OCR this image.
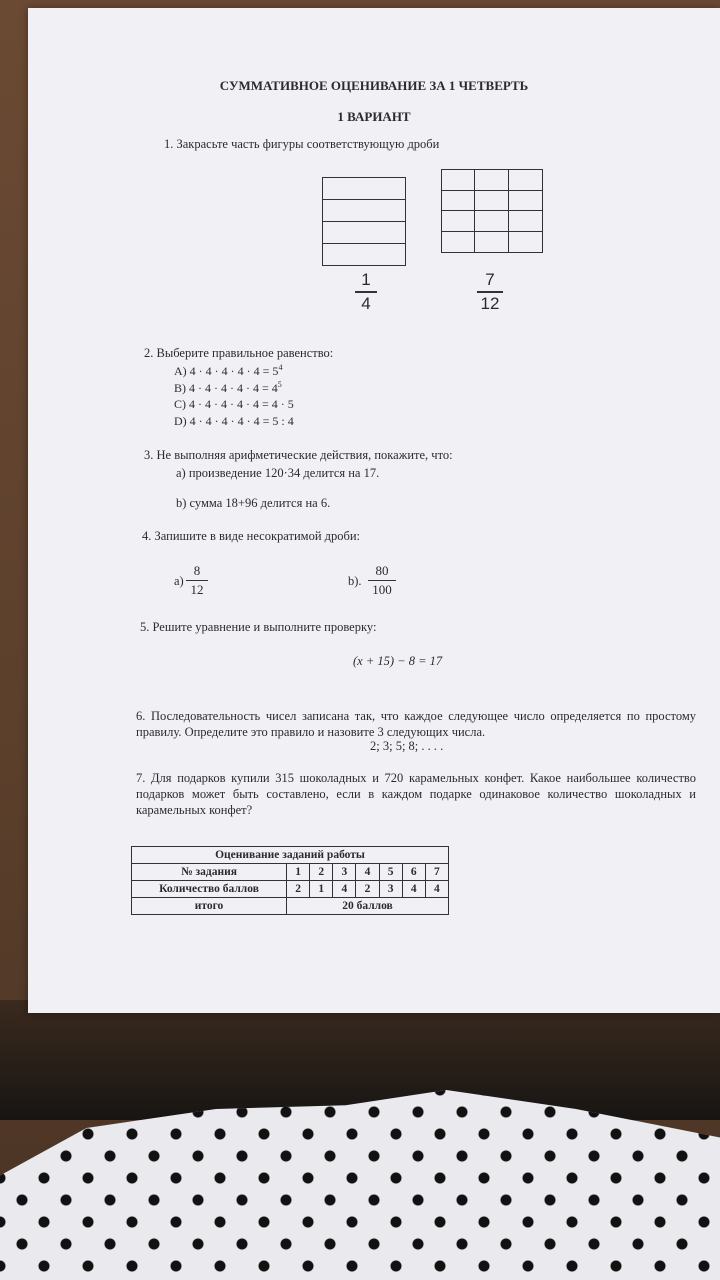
СУММАТИВНОЕ ОЦЕНИВАНИЕ ЗА 1 ЧЕТВЕРТЬ
1 ВАРИАНТ
1. Закрасьте часть фигуры соответствующую дроби
1
4
7
12
2. Выберите правильное равенство:
A) $4 \cdot 4 \cdot 4 \cdot 4 \cdot 4 = 5^4$
B) $4 \cdot 4 \cdot 4 \cdot 4 \cdot 4 = 4^5$
C) 4 · 4 · 4 · 4 · 4 = 4 · 5
D) 4 · 4 · 4 · 4 · 4 = 5 : 4
3. Не выполняя арифметические действия, покажите, что:
a) произведение 120·34 делится на 17.
b) сумма 18+96 делится на 6.
4. Запишите в виде несократимой дроби:
a)
8
12
b).
80
100
5. Решите уравнение и выполните проверку:
(x + 15) − 8 = 17
6. Последовательность чисел записана так, что каждое следующее число определяется по простому правилу. Определите это правило и назовите 3 следующих числа.
2; 3; 5; 8; . . . .
7. Для подарков купили 315 шоколадных и 720 карамельных конфет. Какое наибольшее количество подарков может быть составлено, если в каждом подарке одинаковое количество шоколадных и карамельных конфет?
Оценивание заданий работы							
№ задания	1	2	3	4	5	6	7
Количество баллов	2	1	4	2	3	4	4
итого	20 баллов						
